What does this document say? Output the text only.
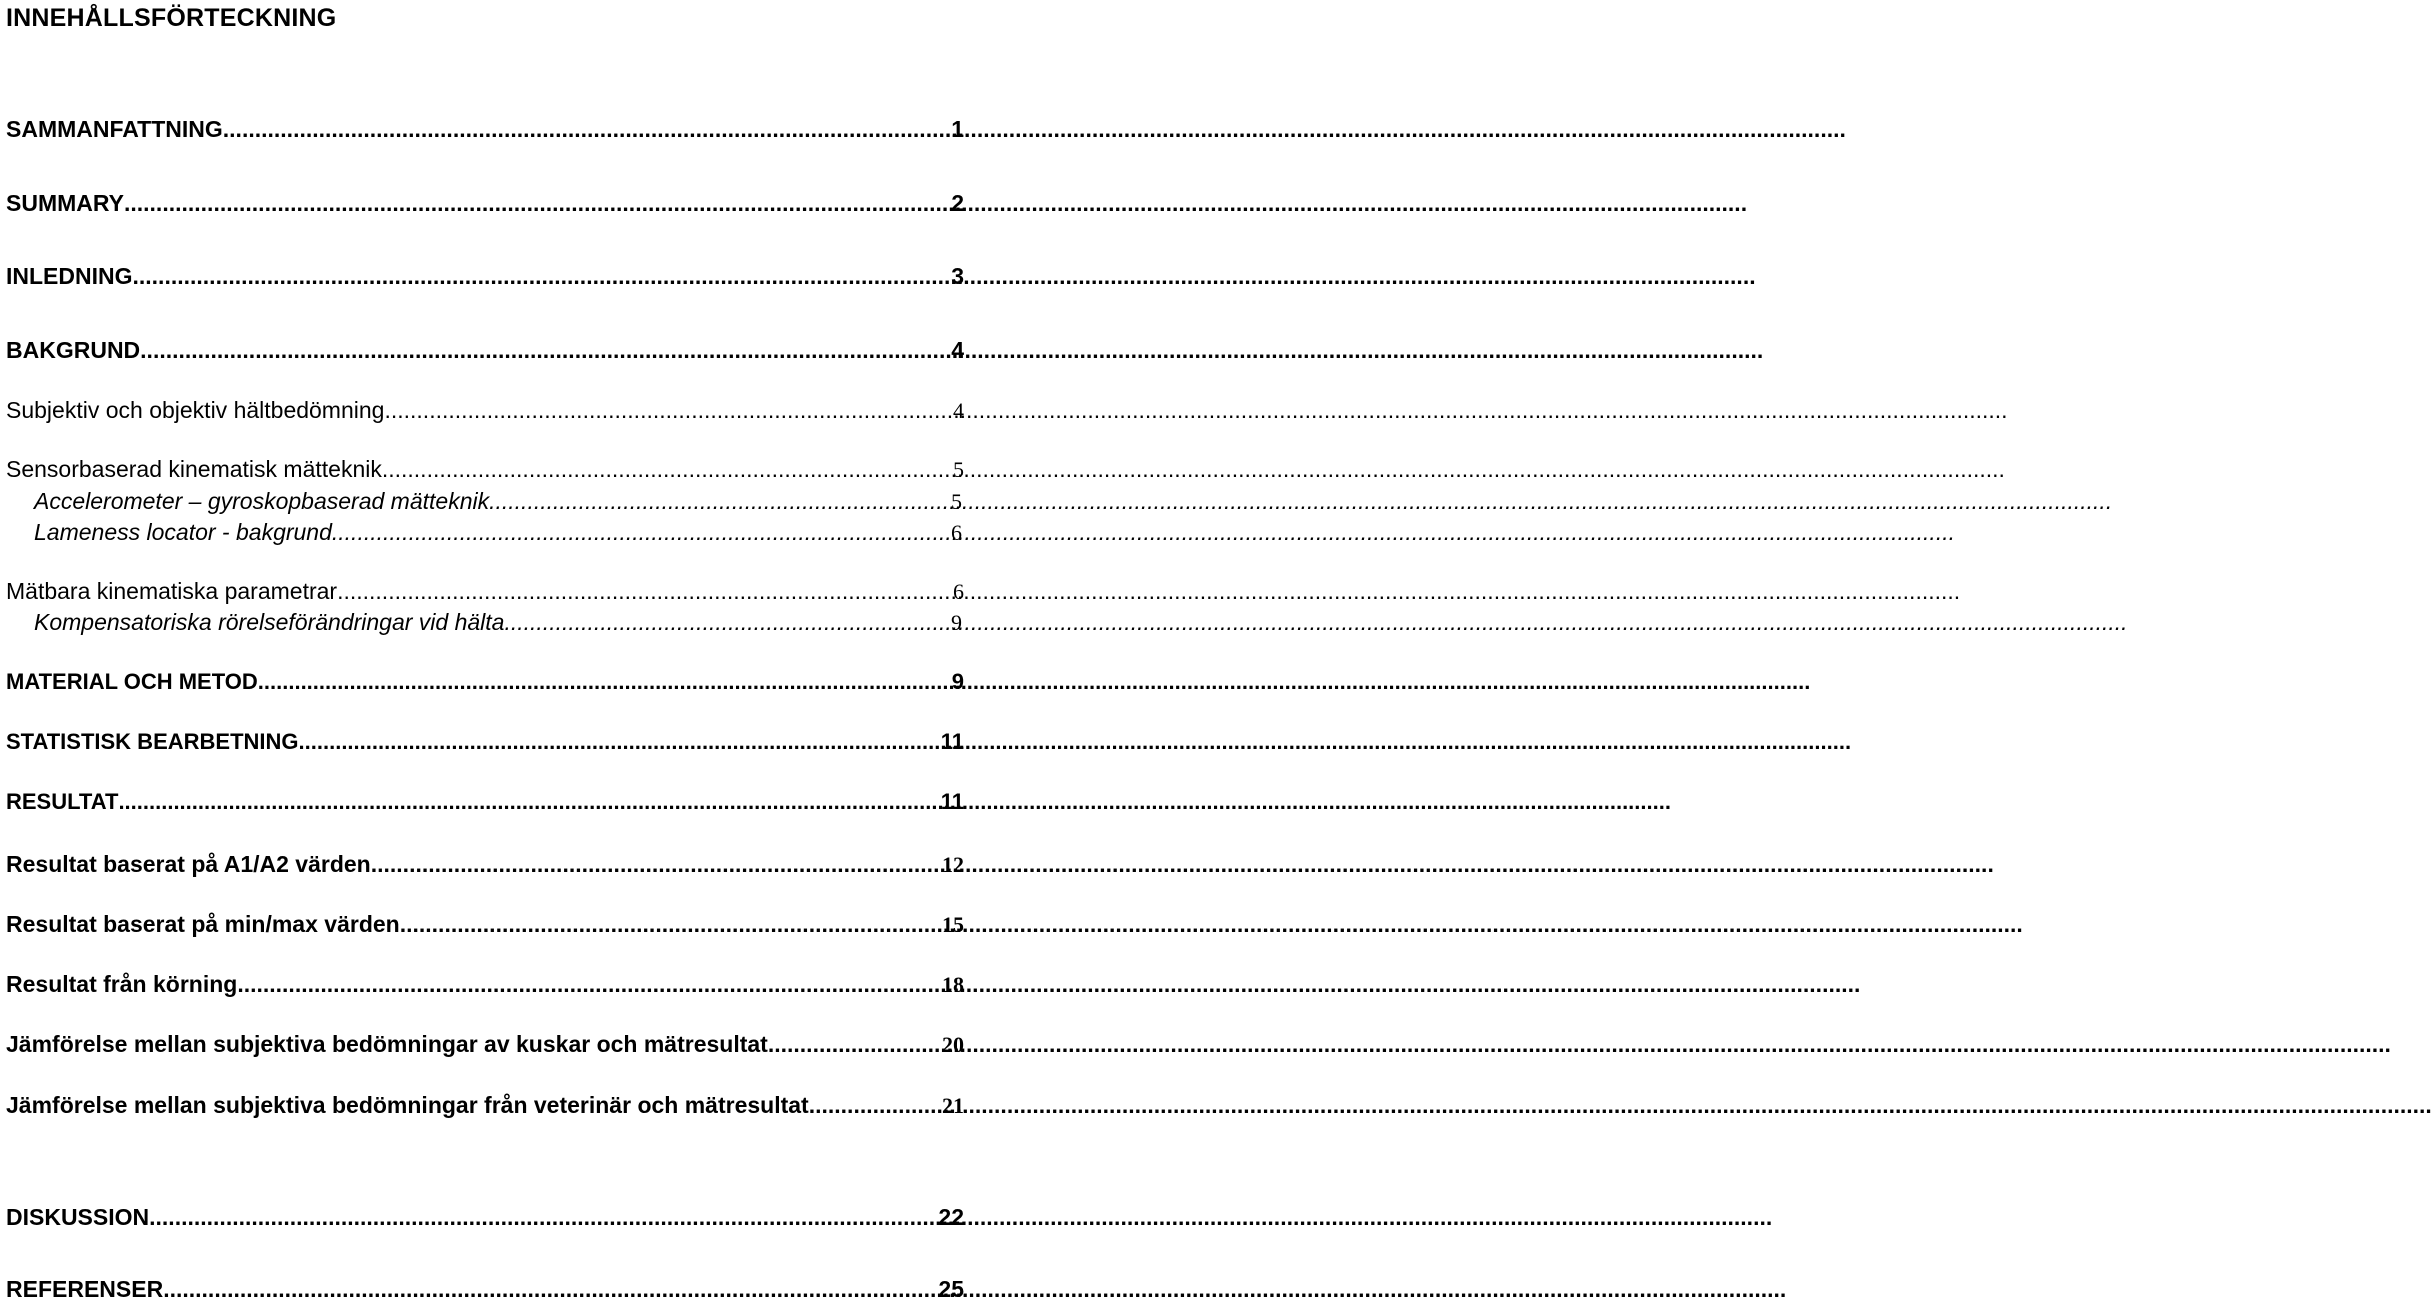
INNEHÅLLSFÖRTECKNING
SAMMANFATTNING .....	1
SUMMARY .....	2
INLEDNING .....	3
BAKGRUND .....	4
Subjektiv och objektiv hältbedömning .....	4
Sensorbaserad kinematisk mätteknik .....	5
Accelerometer – gyroskopbaserad mätteknik .....	5
Lameness locator - bakgrund .....	6
Mätbara kinematiska parametrar .....	6
Kompensatoriska rörelseförändringar vid hälta .....	9
MATERIAL OCH METOD .....	9
STATISTISK BEARBETNING .....	11
RESULTAT .....	11
Resultat baserat på A1/A2 värden .....	12
Resultat baserat på min/max värden .....	15
Resultat från körning .....	18
Jämförelse mellan subjektiva bedömningar av kuskar och mätresultat .....	20
Jämförelse mellan subjektiva bedömningar från veterinär och mätresultat .....	21
DISKUSSION .....	22
REFERENSER .....	25
